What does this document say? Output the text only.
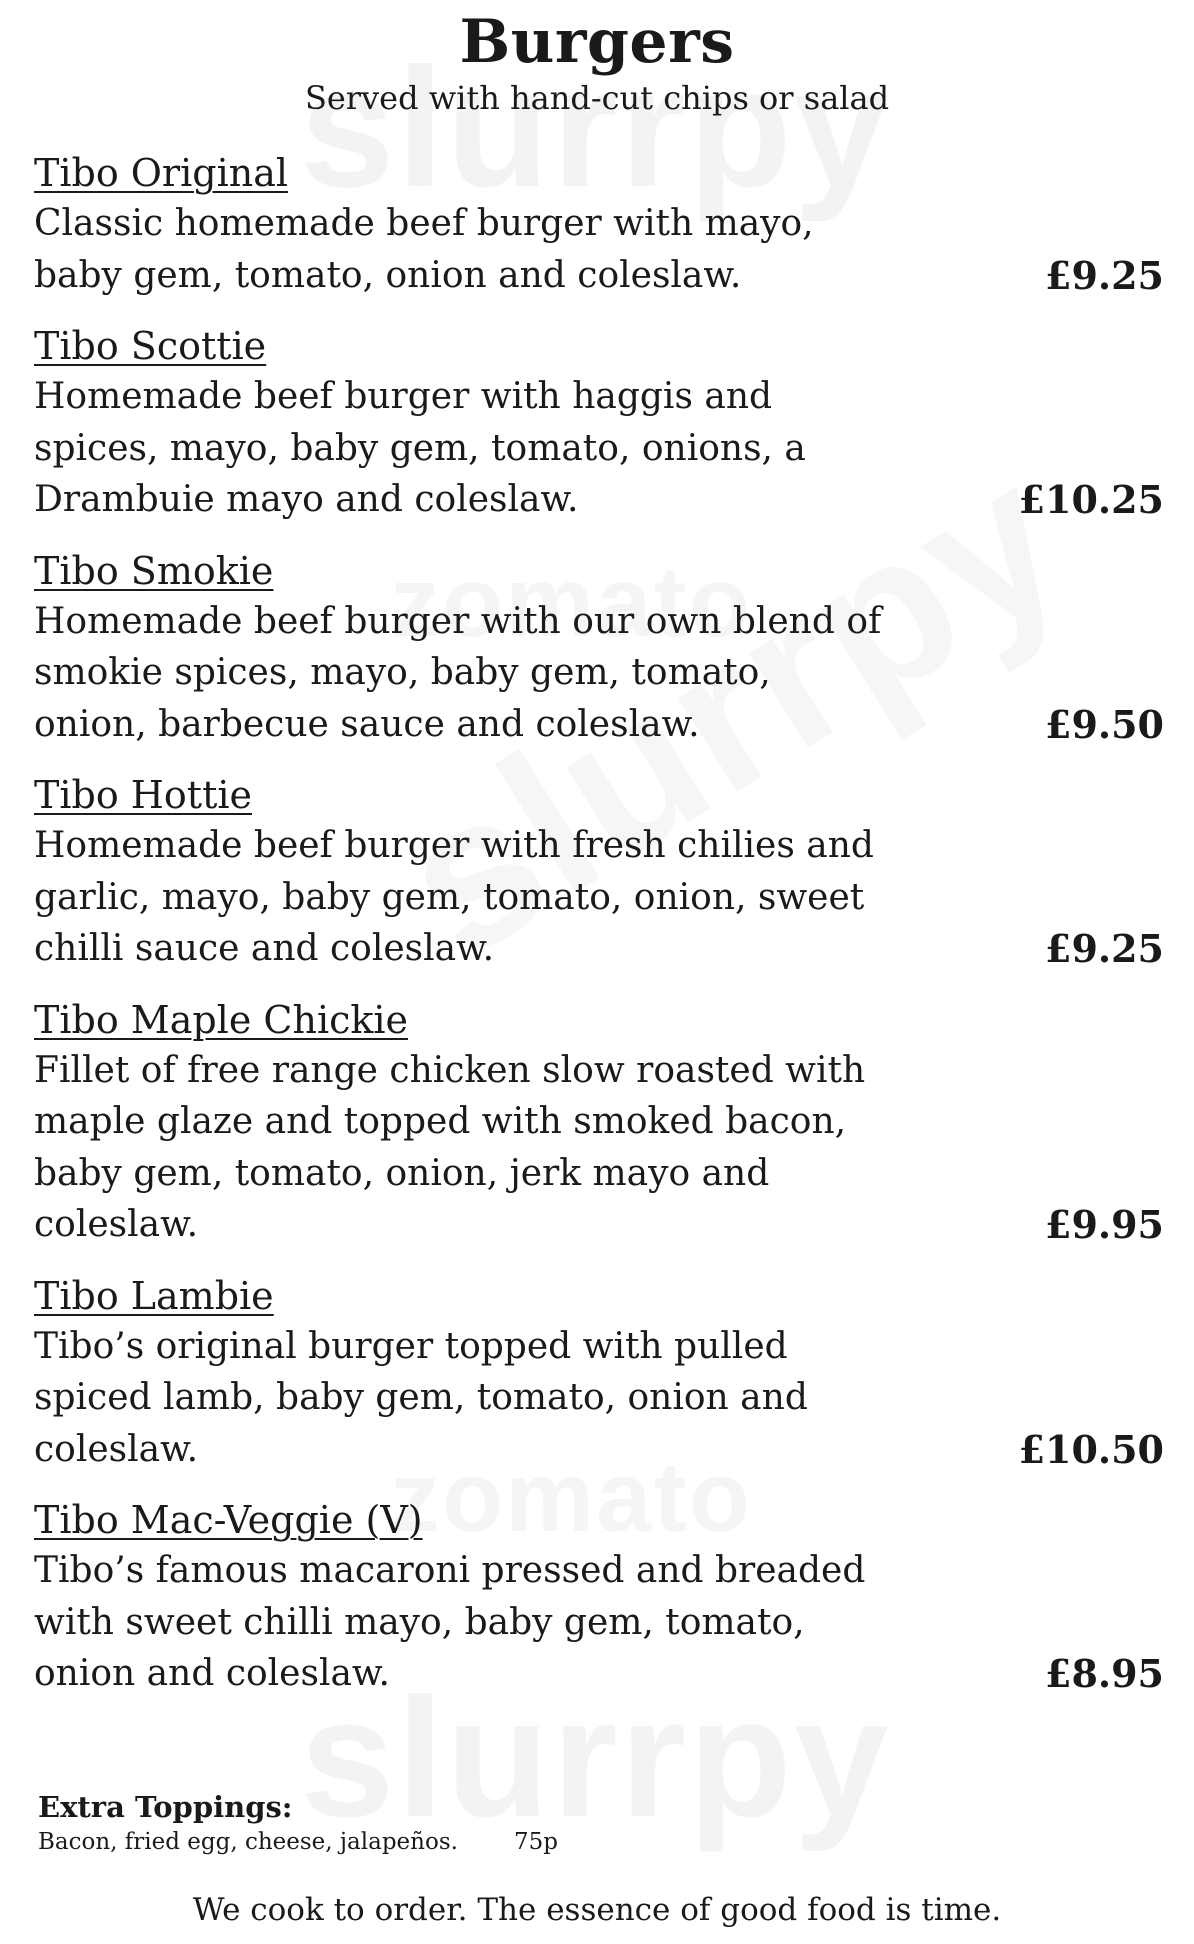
Burgers

Served with hand-cut chips or salad

Tibo Original

Classic homemade beef burger with mayo, baby gem, tomato, onion and coleslaw.	£9.25
Tibo Scottie

Homemade beef burger with haggis and spices, mayo, baby gem, tomato, onions, a Drambuie mayo and coleslaw.	£10.25
Tibo Smokie

Homemade beef burger with our own blend of smokie spices, mayo, baby gem, tomato, onion, barbecue sauce and coleslaw.	£9.50
Tibo Hottie

Homemade beef burger with fresh chilies and garlic, mayo, baby gem, tomato, onion, sweet chilli sauce and coleslaw.	£9.25
Tibo Maple Chickie

Fillet of free range chicken slow roasted with maple glaze and topped with smoked bacon, baby gem, tomato, onion, jerk mayo and coleslaw.	£9.95
Tibo Lambie

Tibo’s original burger topped with pulled spiced lamb, baby gem, tomato, onion and coleslaw.	£10.50
Tibo Mac-Veggie (V)

Tibo’s famous macaroni pressed and breaded with sweet chilli mayo, baby gem, tomato, onion and coleslaw.	£8.95
Extra Toppings:
Bacon, fried egg, cheese, jalapeños. 75p
We cook to order. The essence of good food is time.
